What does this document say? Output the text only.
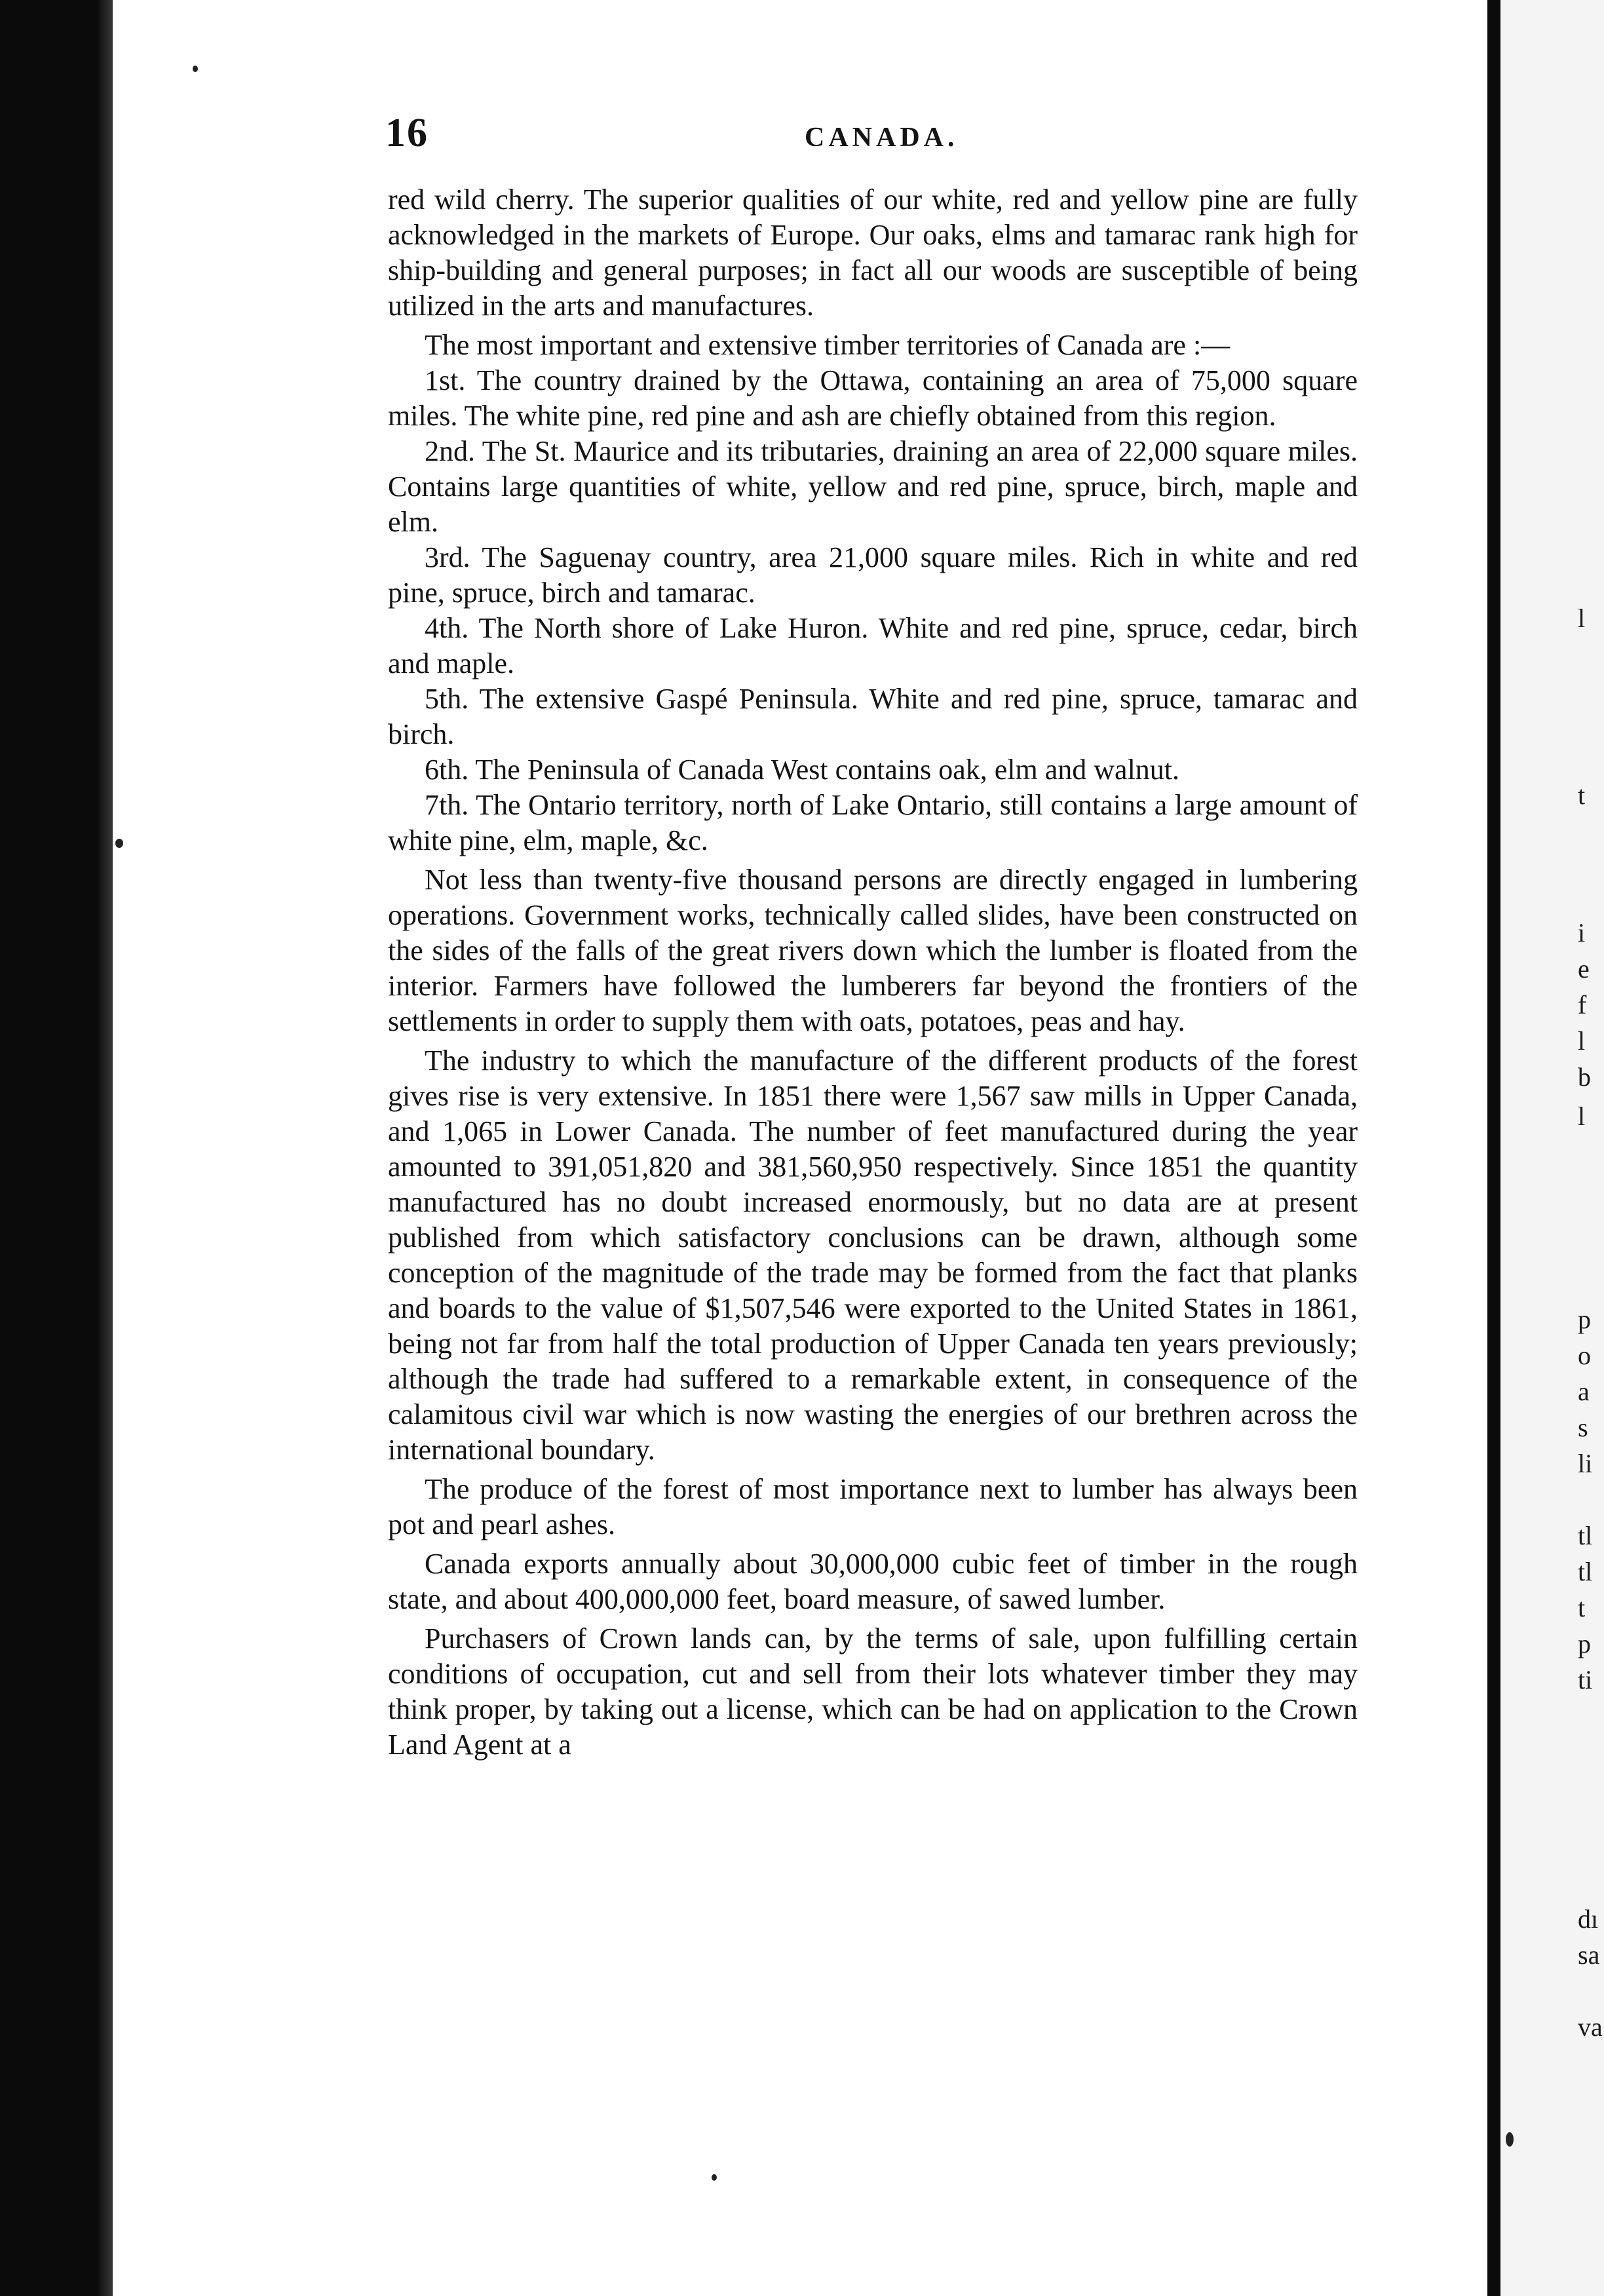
16	CANADA.

red wild cherry. The superior qualities of our white, red and yellow pine are fully acknowledged in the markets of Europe. Our oaks, elms and tamarac rank high for ship-building and general purposes; in fact all our woods are susceptible of being utilized in the arts and manufactures.

The most important and extensive timber territories of Canada are :—

1st. The country drained by the Ottawa, containing an area of 75,000 square miles. The white pine, red pine and ash are chiefly obtained from this region.

2nd. The St. Maurice and its tributaries, draining an area of 22,000 square miles. Contains large quantities of white, yellow and red pine, spruce, birch, maple and elm.

3rd. The Saguenay country, area 21,000 square miles. Rich in white and red pine, spruce, birch and tamarac.

4th. The North shore of Lake Huron. White and red pine, spruce, cedar, birch and maple.

5th. The extensive Gaspé Peninsula. White and red pine, spruce, tamarac and birch.

6th. The Peninsula of Canada West contains oak, elm and walnut.

7th. The Ontario territory, north of Lake Ontario, still contains a large amount of white pine, elm, maple, &c.

Not less than twenty-five thousand persons are directly engaged in lumbering operations. Government works, technically called slides, have been constructed on the sides of the falls of the great rivers down which the lumber is floated from the interior. Farmers have followed the lumberers far beyond the frontiers of the settlements in order to supply them with oats, potatoes, peas and hay.

The industry to which the manufacture of the different products of the forest gives rise is very extensive. In 1851 there were 1,567 saw mills in Upper Canada, and 1,065 in Lower Canada. The number of feet manufactured during the year amounted to 391,051,820 and 381,560,950 respectively. Since 1851 the quantity manufactured has no doubt increased enormously, but no data are at present published from which satisfactory conclusions can be drawn, although some conception of the magnitude of the trade may be formed from the fact that planks and boards to the value of $1,507,546 were exported to the United States in 1861, being not far from half the total production of Upper Canada ten years previously; although the trade had suffered to a remarkable extent, in consequence of the calamitous civil war which is now wasting the energies of our brethren across the international boundary.

The produce of the forest of most importance next to lumber has always been pot and pearl ashes.

Canada exports annually about 30,000,000 cubic feet of timber in the rough state, and about 400,000,000 feet, board measure, of sawed lumber.

Purchasers of Crown lands can, by the terms of sale, upon fulfilling certain conditions of occupation, cut and sell from their lots whatever timber they may think proper, by taking out a license, which can be had on application to the Crown Land Agent at a

l
t
i
e
f
l
b
l
p
o
a
s
li
tl
tl
t
p
ti
dı
sa
va
